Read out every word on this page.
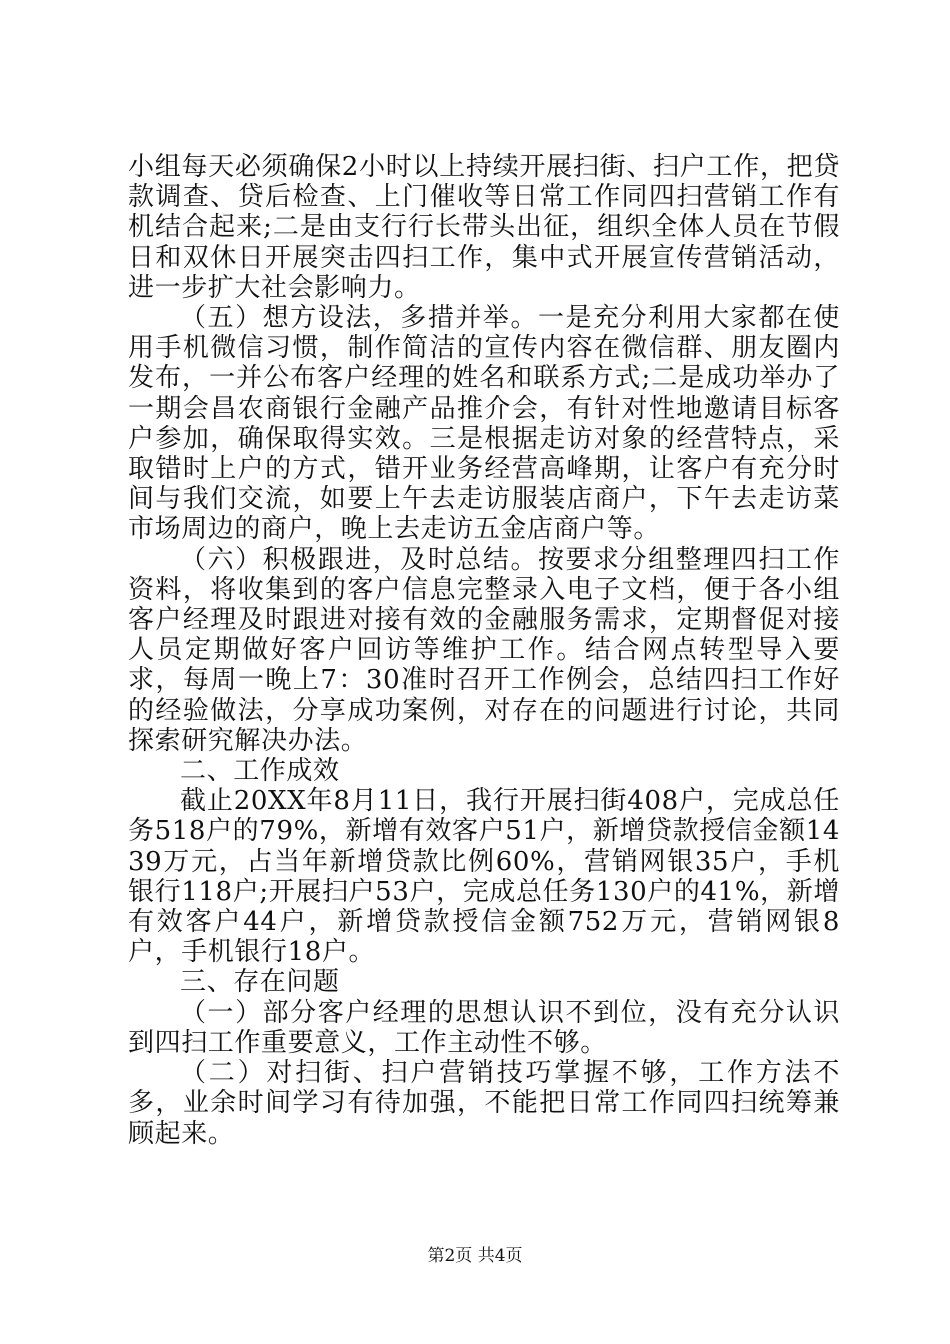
小组每天必须确保2小时以上持续开展扫街、扫户工作，把贷款调查、贷后检查、上门催收等日常工作同四扫营销工作有机结合起来;二是由支行行长带头出征，组织全体人员在节假日和双休日开展突击四扫工作，集中式开展宣传营销活动，进一步扩大社会影响力。

（五）想方设法，多措并举。一是充分利用大家都在使用手机微信习惯，制作简洁的宣传内容在微信群、朋友圈内发布，一并公布客户经理的姓名和联系方式;二是成功举办了一期会昌农商银行金融产品推介会，有针对性地邀请目标客户参加，确保取得实效。三是根据走访对象的经营特点，采取错时上户的方式，错开业务经营高峰期，让客户有充分时间与我们交流，如要上午去走访服装店商户，下午去走访菜市场周边的商户，晚上去走访五金店商户等。

（六）积极跟进，及时总结。按要求分组整理四扫工作资料，将收集到的客户信息完整录入电子文档，便于各小组客户经理及时跟进对接有效的金融服务需求，定期督促对接人员定期做好客户回访等维护工作。结合网点转型导入要求，每周一晚上7：30准时召开工作例会，总结四扫工作好的经验做法，分享成功案例，对存在的问题进行讨论，共同探索研究解决办法。

二、工作成效

截止20XX年8月11日，我行开展扫街408户，完成总任务518户的79%，新增有效客户51户，新增贷款授信金额1439万元，占当年新增贷款比例60%，营销网银35户，手机银行118户;开展扫户53户，完成总任务130户的41%，新增有效客户44户，新增贷款授信金额752万元，营销网银8户，手机银行18户。

三、存在问题

（一）部分客户经理的思想认识不到位，没有充分认识到四扫工作重要意义，工作主动性不够。

（二）对扫街、扫户营销技巧掌握不够，工作方法不多，业余时间学习有待加强，不能把日常工作同四扫统筹兼顾起来。

第2页 共4页
